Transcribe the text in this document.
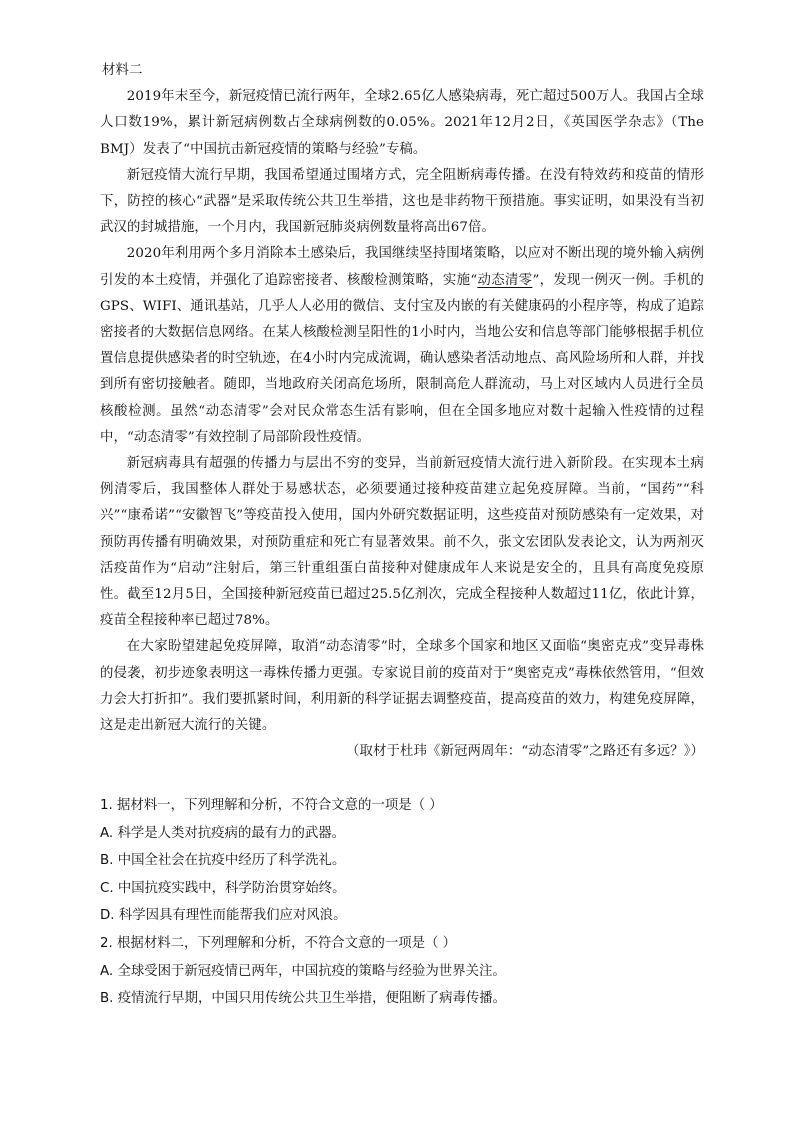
材料二

2019年末至今，新冠疫情已流行两年，全球2.65亿人感染病毒，死亡超过500万人。我国占全球人口数19%，累计新冠病例数占全球病例数的0.05%。2021年12月2日，《英国医学杂志》（The BMJ）发表了“中国抗击新冠疫情的策略与经验”专稿。

新冠疫情大流行早期，我国希望通过围堵方式，完全阻断病毒传播。在没有特效药和疫苗的情形下，防控的核心“武器”是采取传统公共卫生举措，这也是非药物干预措施。事实证明，如果没有当初武汉的封城措施，一个月内，我国新冠肺炎病例数量将高出67倍。

2020年利用两个多月消除本土感染后，我国继续坚持围堵策略，以应对不断出现的境外输入病例引发的本土疫情，并强化了追踪密接者、核酸检测策略，实施“动态清零”，发现一例灭一例。手机的GPS、WIFI、通讯基站，几乎人人必用的微信、支付宝及内嵌的有关健康码的小程序等，构成了追踪密接者的大数据信息网络。在某人核酸检测呈阳性的1小时内，当地公安和信息等部门能够根据手机位置信息提供感染者的时空轨迹，在4小时内完成流调，确认感染者活动地点、高风险场所和人群，并找到所有密切接触者。随即，当地政府关闭高危场所，限制高危人群流动，马上对区域内人员进行全员核酸检测。虽然“动态清零”会对民众常态生活有影响，但在全国多地应对数十起输入性疫情的过程中，“动态清零”有效控制了局部阶段性疫情。

新冠病毒具有超强的传播力与层出不穷的变异，当前新冠疫情大流行进入新阶段。在实现本土病例清零后，我国整体人群处于易感状态，必须要通过接种疫苗建立起免疫屏障。当前，“国药”“科兴”“康希诺”“安徽智飞”等疫苗投入使用，国内外研究数据证明，这些疫苗对预防感染有一定效果，对预防再传播有明确效果，对预防重症和死亡有显著效果。前不久，张文宏团队发表论文，认为两剂灭活疫苗作为“启动”注射后，第三针重组蛋白苗接种对健康成年人来说是安全的，且具有高度免疫原性。截至12月5日，全国接种新冠疫苗已超过25.5亿剂次，完成全程接种人数超过11亿，依此计算，疫苗全程接种率已超过78%。

在大家盼望建起免疫屏障，取消“动态清零”时，全球多个国家和地区又面临“奥密克戎”变异毒株的侵袭，初步迹象表明这一毒株传播力更强。专家说目前的疫苗对于“奥密克戎”毒株依然管用，“但效力会大打折扣”。我们要抓紧时间，利用新的科学证据去调整疫苗，提高疫苗的效力，构建免疫屏障，这是走出新冠大流行的关键。

（取材于杜玮《新冠两周年：“动态清零”之路还有多远？》）

1. 据材料一，下列理解和分析，不符合文意的一项是（ ）

A. 科学是人类对抗疫病的最有力的武器。

B. 中国全社会在抗疫中经历了科学洗礼。

C. 中国抗疫实践中，科学防治贯穿始终。

D. 科学因具有理性而能帮我们应对风浪。

2. 根据材料二，下列理解和分析，不符合文意的一项是（ ）

A. 全球受困于新冠疫情已两年，中国抗疫的策略与经验为世界关注。

B. 疫情流行早期，中国只用传统公共卫生举措，便阻断了病毒传播。
